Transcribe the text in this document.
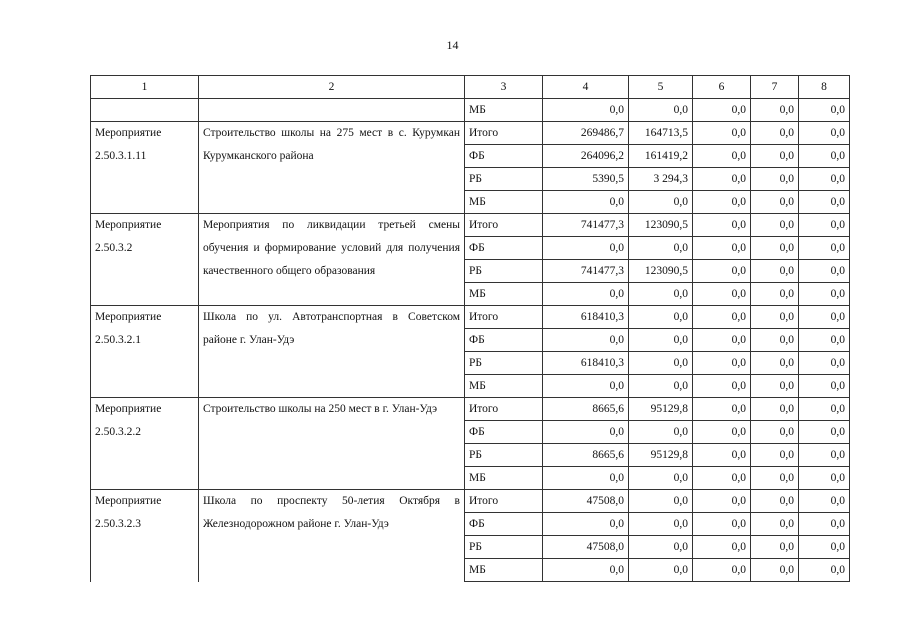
14
1	2	3	4	5	6	7	8
		МБ	0,0	0,0	0,0	0,0	0,0
Мероприятие 2.50.3.1.11	Строительство школы на 275 мест в с. Курумкан Курумканского района	Итого	269486,7	164713,5	0,0	0,0	0,0
		ФБ	264096,2	161419,2	0,0	0,0	0,0
		РБ	5390,5	3 294,3	0,0	0,0	0,0
		МБ	0,0	0,0	0,0	0,0	0,0
Мероприятие 2.50.3.2	Мероприятия по ликвидации третьей смены обучения и формирование условий для получения качественного общего образования	Итого	741477,3	123090,5	0,0	0,0	0,0
		ФБ	0,0	0,0	0,0	0,0	0,0
		РБ	741477,3	123090,5	0,0	0,0	0,0
		МБ	0,0	0,0	0,0	0,0	0,0
Мероприятие 2.50.3.2.1	Школа по ул. Автотранспортная в Советском районе г. Улан-Удэ	Итого	618410,3	0,0	0,0	0,0	0,0
		ФБ	0,0	0,0	0,0	0,0	0,0
		РБ	618410,3	0,0	0,0	0,0	0,0
		МБ	0,0	0,0	0,0	0,0	0,0
Мероприятие 2.50.3.2.2	Строительство школы на 250 мест в г. Улан-Удэ	Итого	8665,6	95129,8	0,0	0,0	0,0
		ФБ	0,0	0,0	0,0	0,0	0,0
		РБ	8665,6	95129,8	0,0	0,0	0,0
		МБ	0,0	0,0	0,0	0,0	0,0
Мероприятие 2.50.3.2.3	Школа по проспекту 50-летия Октября в Железнодорожном районе г. Улан-Удэ	Итого	47508,0	0,0	0,0	0,0	0,0
		ФБ	0,0	0,0	0,0	0,0	0,0
		РБ	47508,0	0,0	0,0	0,0	0,0
		МБ	0,0	0,0	0,0	0,0	0,0
